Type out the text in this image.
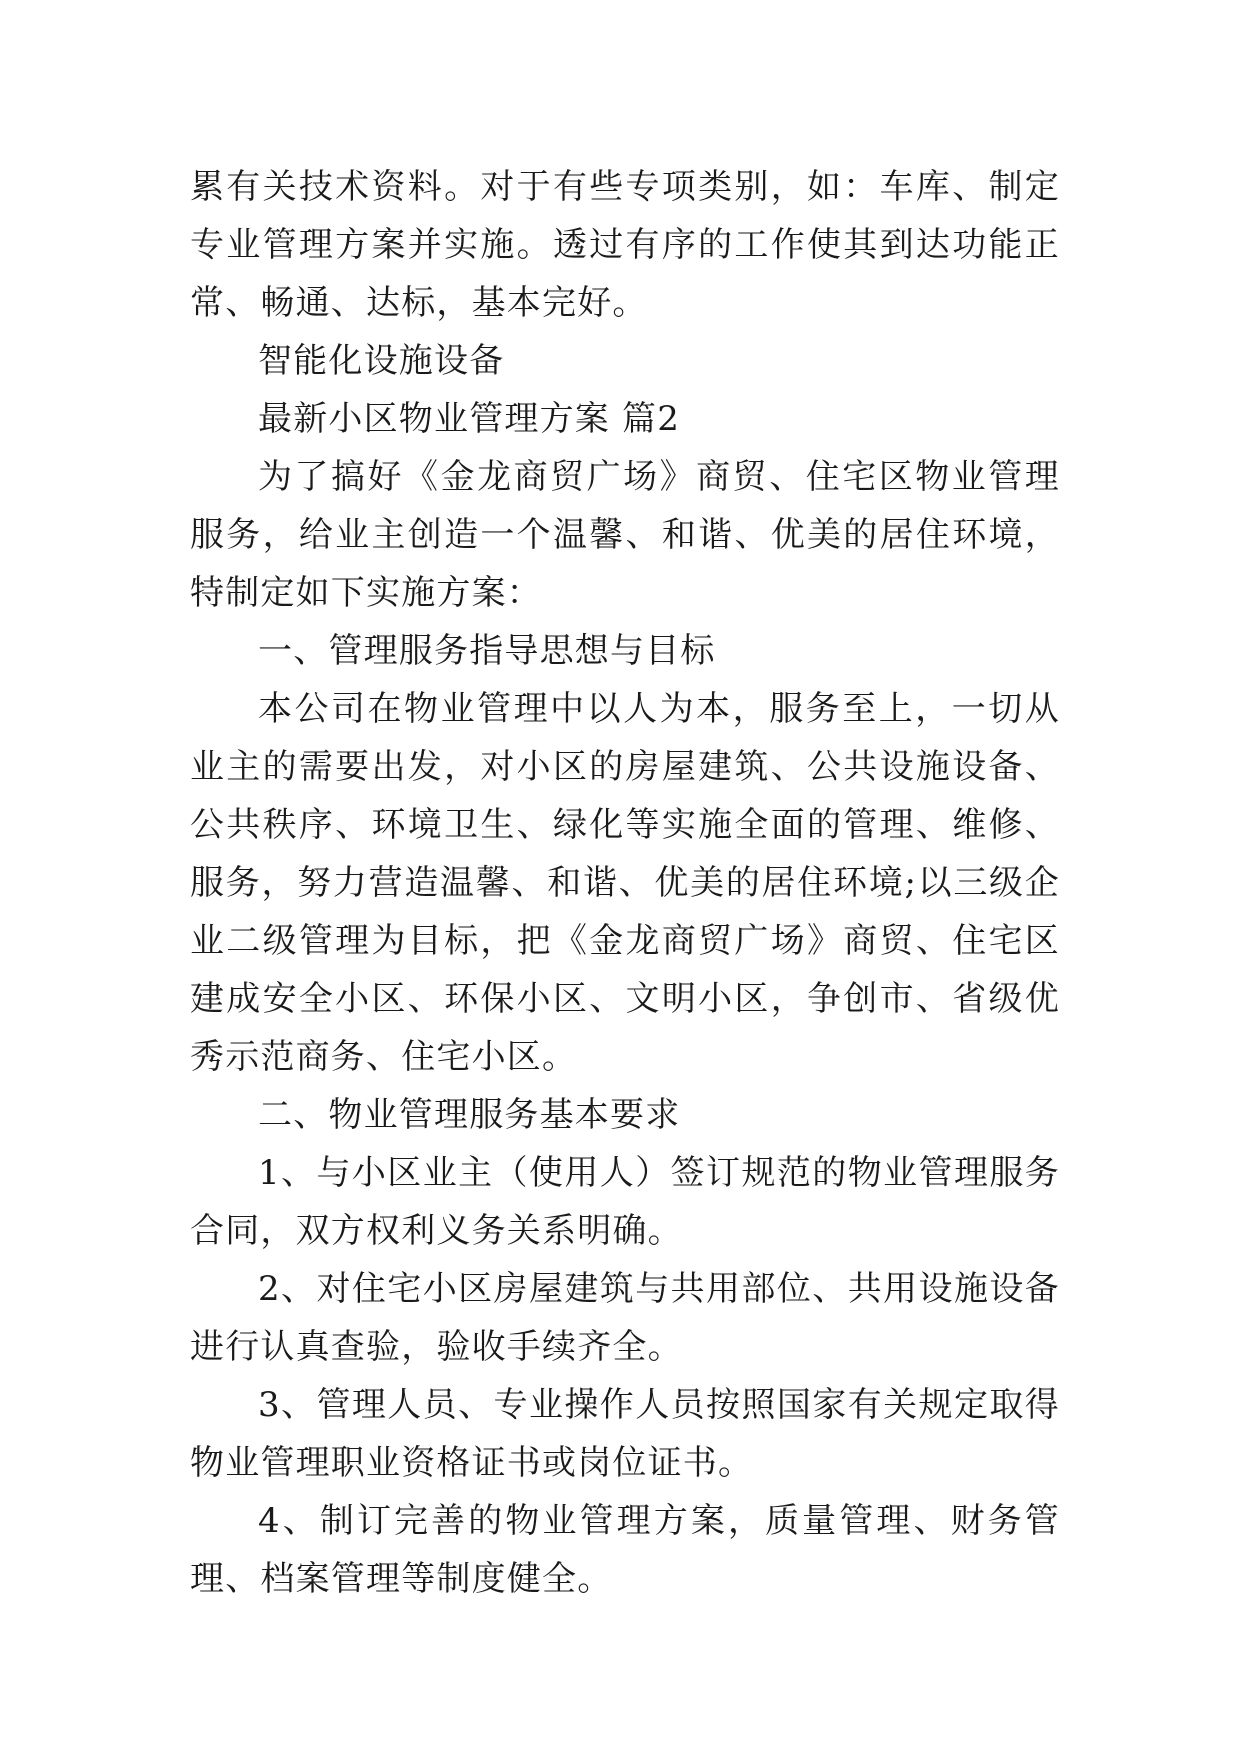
累有关技术资料。对于有些专项类别，如：车库、制定专业管理方案并实施。透过有序的工作使其到达功能正常、畅通、达标，基本完好。

智能化设施设备

最新小区物业管理方案 篇2

为了搞好《金龙商贸广场》商贸、住宅区物业管理服务，给业主创造一个温馨、和谐、优美的居住环境，特制定如下实施方案：

一、管理服务指导思想与目标

本公司在物业管理中以人为本，服务至上，一切从业主的需要出发，对小区的房屋建筑、公共设施设备、公共秩序、环境卫生、绿化等实施全面的管理、维修、服务，努力营造温馨、和谐、优美的居住环境;以三级企业二级管理为目标，把《金龙商贸广场》商贸、住宅区建成安全小区、环保小区、文明小区，争创市、省级优秀示范商务、住宅小区。

二、物业管理服务基本要求

1、与小区业主（使用人）签订规范的物业管理服务合同，双方权利义务关系明确。

2、对住宅小区房屋建筑与共用部位、共用设施设备进行认真查验，验收手续齐全。

3、管理人员、专业操作人员按照国家有关规定取得物业管理职业资格证书或岗位证书。

4、制订完善的物业管理方案，质量管理、财务管理、档案管理等制度健全。
